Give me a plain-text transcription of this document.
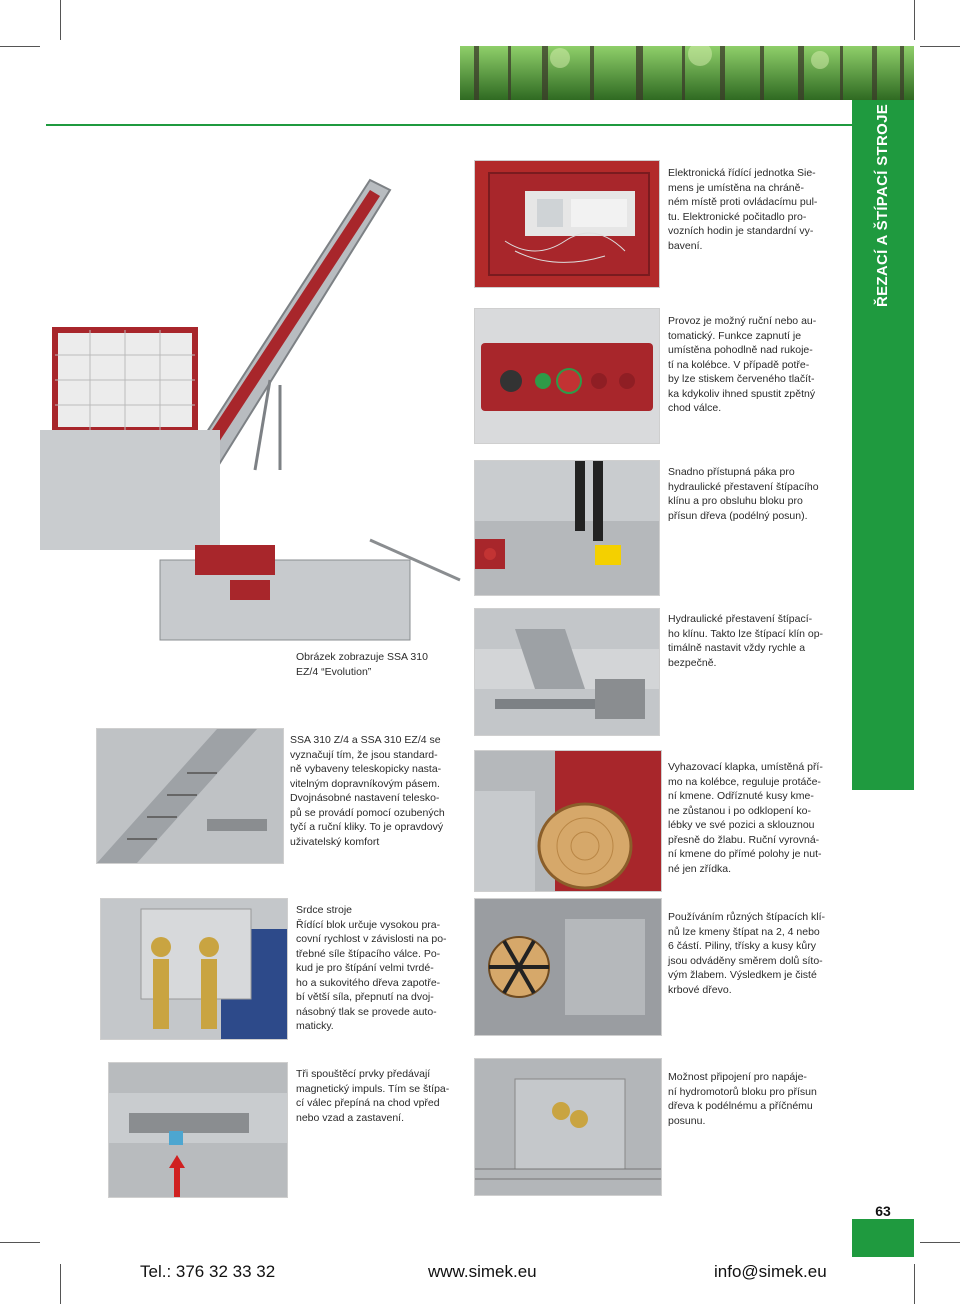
ŘEZACÍ A ŠTÍPACÍ STROJE
Elektronická řídící jednotka Sie-
mens je umístěna na chráně-
ném místě proti ovládacímu pul-
tu. Elektronické počitadlo pro-
vozních hodin je standardní vy-
bavení.
Provoz je možný ruční nebo au-
tomatický. Funkce zapnutí je
umístěna pohodlně nad rukoje-
tí na kolébce. V případě potře-
by lze stiskem červeného tlačít-
ka kdykoliv ihned spustit zpětný
chod válce.
Snadno přístupná páka pro
hydraulické přestavení štípacího
klínu a pro obsluhu bloku pro
přísun dřeva (podélný posun).
Hydraulické přestavení štípací-
ho klínu. Takto lze štípací klín op-
timálně nastavit vždy rychle a
bezpečně.
Obrázek zobrazuje SSA 310
EZ/4 “Evolution”
SSA 310 Z/4 a SSA 310 EZ/4 se
vyznačují tím, že jsou standard-
ně vybaveny teleskopicky nasta-
vitelným dopravníkovým pásem.
Dvojnásobné nastavení telesko-
pů se provádí pomocí ozubených
tyčí a ruční kliky. To je opravdový
uživatelský komfort
Vyhazovací klapka, umístěná pří-
mo na kolébce, reguluje protáče-
ní kmene. Odříznuté kusy kme-
ne zůstanou i po odklopení ko-
lébky ve své pozici a sklouznou
přesně do žlabu. Ruční vyrovná-
ní kmene do přímé polohy je nut-
né jen zřídka.
Srdce stroje
Řídící blok určuje vysokou pra-
covní rychlost v závislosti na po-
třebné síle štípacího válce. Po-
kud je pro štípání velmi tvrdé-
ho a sukovitého dřeva zapotře-
bí větší síla, přepnutí na dvoj-
násobný tlak se provede auto-
maticky.
Používáním různých štípacích klí-
nů lze kmeny štípat na 2, 4 nebo
6 částí. Piliny, třísky a kusy kůry
jsou odváděny směrem dolů síto-
vým žlabem. Výsledkem je čisté
krbové dřevo.
Tři spouštěcí prvky předávají
magnetický impuls. Tím se štípa-
cí válec přepíná na chod vpřed
nebo vzad a zastavení.
Možnost připojení pro napáje-
ní hydromotorů bloku pro přísun
dřeva k podélnému a příčnému
posunu.
63
Tel.: 376 32 33 32	www.simek.eu	info@simek.eu
